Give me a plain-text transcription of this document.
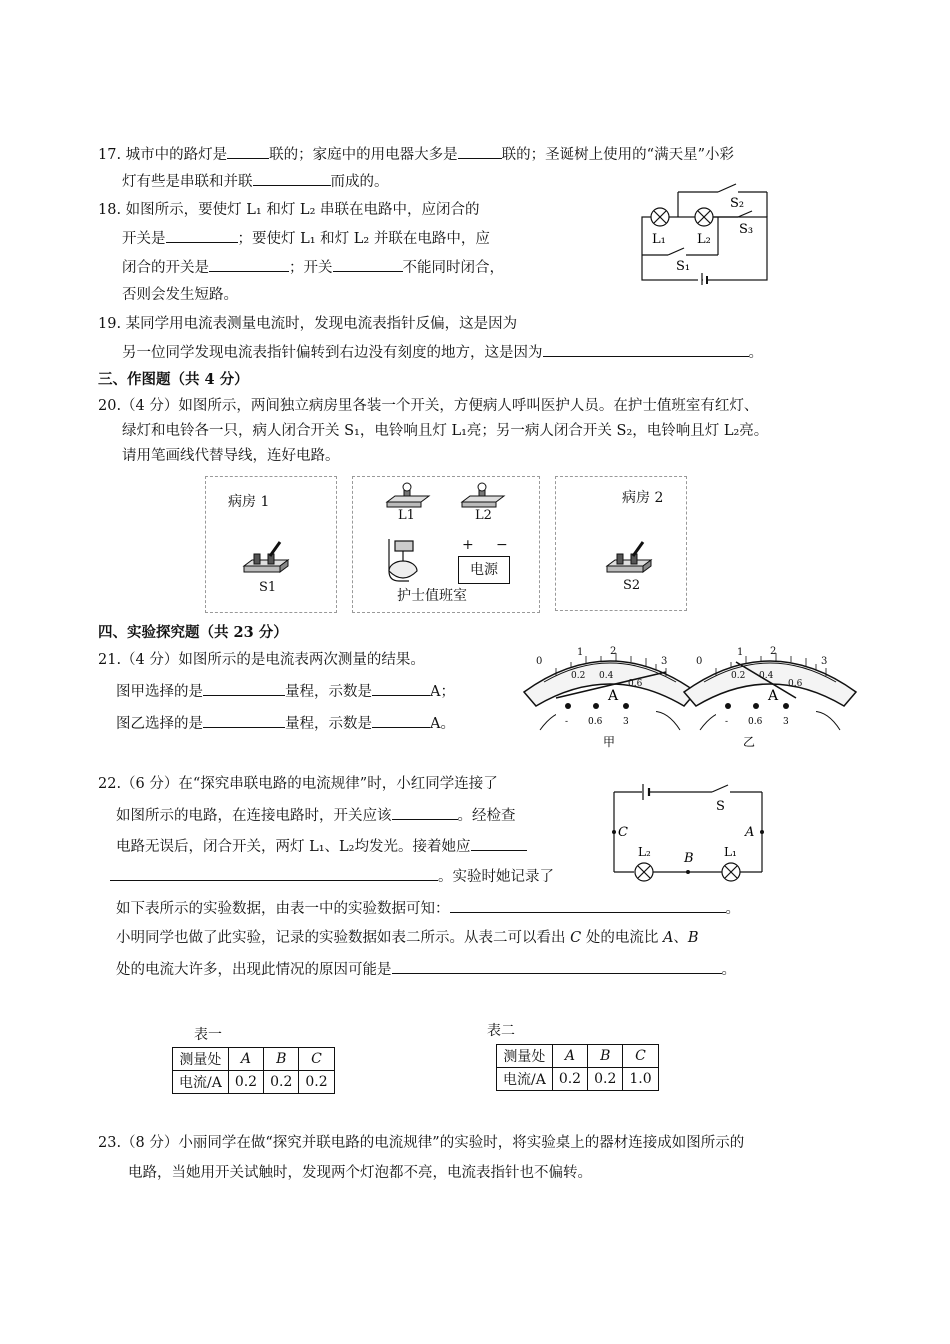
17. 城市中的路灯是	联的；家庭中的用电器大多是	联的；圣诞树上使用的“满天星”小彩
灯有些是串联和并联	而成的。
18. 如图所示，要使灯 L₁ 和灯 L₂ 串联在电路中，应闭合的
开关是	；要使灯 L₁ 和灯 L₂ 并联在电路中，应
闭合的开关是	；开关	不能同时闭合，
否则会发生短路。
S₂
S₃
L₁ L₂
S₁
19. 某同学用电流表测量电流时，发现电流表指针反偏，这是因为
另一位同学发现电流表指针偏转到右边没有刻度的地方，这是因为	。
三、作图题（共 4 分）
20.（4 分）如图所示，两间独立病房里各装一个开关，方便病人呼叫医护人员。在护士值班室有红灯、
绿灯和电铃各一只，病人闭合开关 S₁，电铃响且灯 L₁亮；另一病人闭合开关 S₂，电铃响且灯 L₂亮。
请用笔画线代替导线，连好电路。
病房 1	病房 2
护士值班室
S1	S2
L1	L2
+ −
电源
四、实验探究题（共 23 分）
21.（4 分）如图所示的是电流表两次测量的结果。
图甲选择的是	量程，示数是	A；
图乙选择的是	量程，示数是	A。
A
- 0.6 3
甲
A
- 0.6 3
乙
0
1	2
3
0.2 0.4
0.6
0
1	2
3
0.2 0.4
0.6
22.（6 分）在“探究串联电路的电流规律”时，小红同学连接了
如图所示的电路，在连接电路时，开关应该	。经检查
电路无误后，闭合开关，两灯 L₁、L₂均发光。接着她应
。实验时她记录了
如下表所示的实验数据，由表一中的实验数据可知：	。
小明同学也做了此实验，记录的实验数据如表二所示。从表二可以看出 C 处的电流比 A、B
处的电流大许多，出现此情况的原因可能是	。
S
C	A
B
L₂	L₁
表一
测量处	A	B	C
电流/A	0.2	0.2	0.2
表二
测量处	A	B	C
电流/A	0.2	0.2	1.0
23.（8 分）小丽同学在做“探究并联电路的电流规律”的实验时，将实验桌上的器材连接成如图所示的
电路，当她用开关试触时，发现两个灯泡都不亮，电流表指针也不偏转。
